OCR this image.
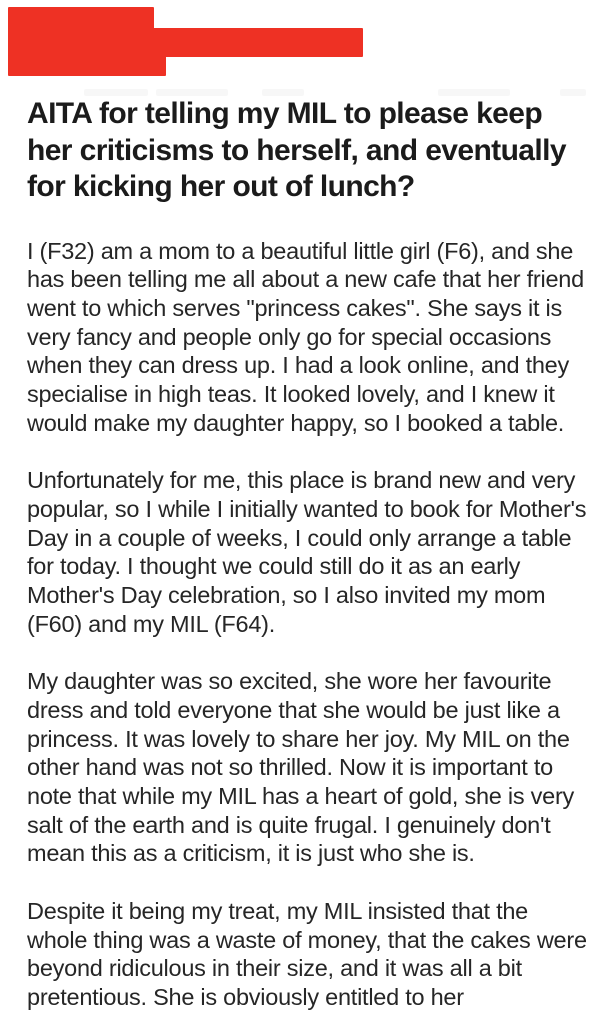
AITA for telling my MIL to please keep her criticisms to herself, and eventually for kicking her out of lunch?

I (F32) am a mom to a beautiful little girl (F6), and she has been telling me all about a new cafe that her friend went to which serves "princess cakes". She says it is very fancy and people only go for special occasions when they can dress up. I had a look online, and they specialise in high teas. It looked lovely, and I knew it would make my daughter happy, so I booked a table.

Unfortunately for me, this place is brand new and very popular, so I while I initially wanted to book for Mother's Day in a couple of weeks, I could only arrange a table for today. I thought we could still do it as an early Mother's Day celebration, so I also invited my mom (F60) and my MIL (F64).

My daughter was so excited, she wore her favourite dress and told everyone that she would be just like a princess. It was lovely to share her joy. My MIL on the other hand was not so thrilled. Now it is important to note that while my MIL has a heart of gold, she is very salt of the earth and is quite frugal. I genuinely don't mean this as a criticism, it is just who she is.

Despite it being my treat, my MIL insisted that the whole thing was a waste of money, that the cakes were beyond ridiculous in their size, and it was all a bit pretentious. She is obviously entitled to her
